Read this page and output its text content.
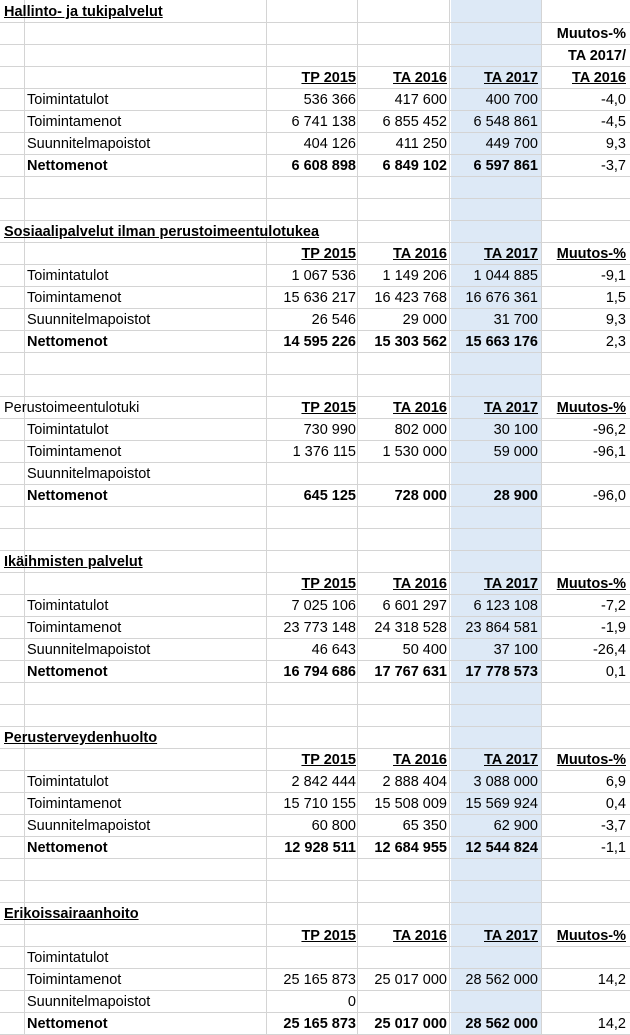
Hallinto- ja tukipalvelut
Muutos-%
TA 2017/
TP 2015	TA 2016	TA 2017	TA 2016
Toimintatulot	536 366	417 600	400 700	-4,0
Toimintamenot	6 741 138	6 855 452	6 548 861	-4,5
Suunnitelmapoistot	404 126	411 250	449 700	9,3
Nettomenot	6 608 898	6 849 102	6 597 861	-3,7
Sosiaalipalvelut ilman perustoimeentulotukea
TP 2015	TA 2016	TA 2017	Muutos-%
Toimintatulot	1 067 536	1 149 206	1 044 885	-9,1
Toimintamenot	15 636 217	16 423 768	16 676 361	1,5
Suunnitelmapoistot	26 546	29 000	31 700	9,3
Nettomenot	14 595 226	15 303 562	15 663 176	2,3
Perustoimeentulotuki	TP 2015	TA 2016	TA 2017	Muutos-%
Toimintatulot	730 990	802 000	30 100	-96,2
Toimintamenot	1 376 115	1 530 000	59 000	-96,1
Suunnitelmapoistot
Nettomenot	645 125	728 000	28 900	-96,0
Ikäihmisten palvelut
TP 2015	TA 2016	TA 2017	Muutos-%
Toimintatulot	7 025 106	6 601 297	6 123 108	-7,2
Toimintamenot	23 773 148	24 318 528	23 864 581	-1,9
Suunnitelmapoistot	46 643	50 400	37 100	-26,4
Nettomenot	16 794 686	17 767 631	17 778 573	0,1
Perusterveydenhuolto
TP 2015	TA 2016	TA 2017	Muutos-%
Toimintatulot	2 842 444	2 888 404	3 088 000	6,9
Toimintamenot	15 710 155	15 508 009	15 569 924	0,4
Suunnitelmapoistot	60 800	65 350	62 900	-3,7
Nettomenot	12 928 511	12 684 955	12 544 824	-1,1
Erikoissairaanhoito
TP 2015	TA 2016	TA 2017	Muutos-%
Toimintatulot
Toimintamenot	25 165 873	25 017 000	28 562 000	14,2
Suunnitelmapoistot	0
Nettomenot	25 165 873	25 017 000	28 562 000	14,2
